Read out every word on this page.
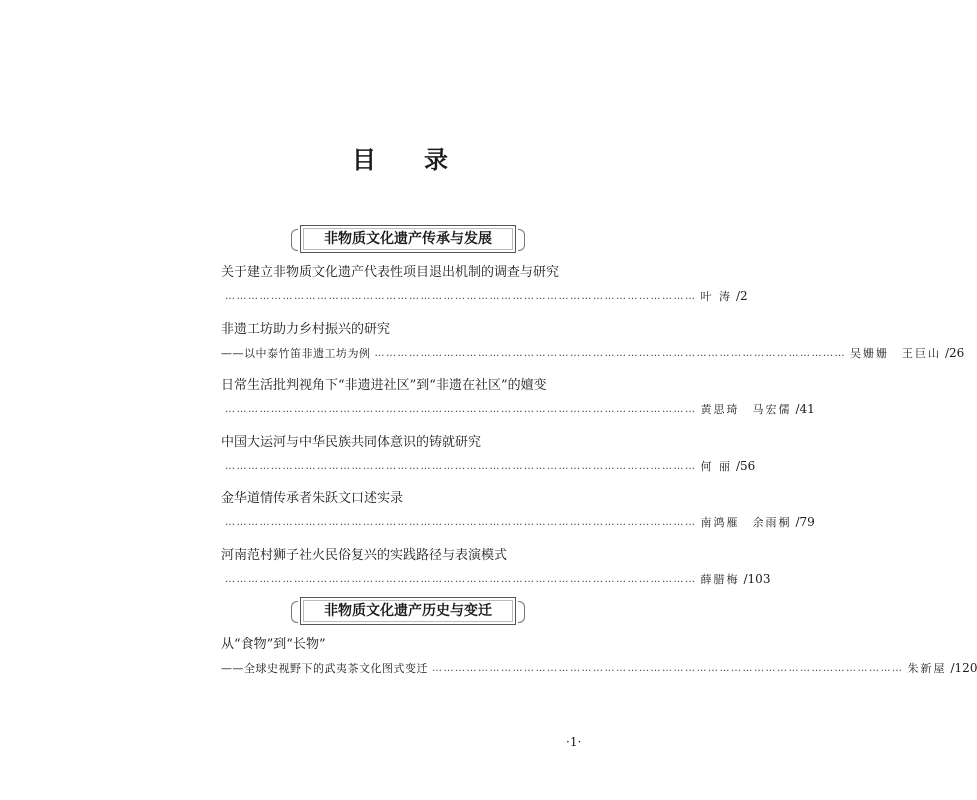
目 录
非物质文化遗产传承与发展
关于建立非物质文化遗产代表性项目退出机制的调查与研究
…………………………………………………………………………………………………………… 叶 涛 /2
非遗工坊助力乡村振兴的研究
——以中泰竹笛非遗工坊为例 …………………………………………………………………………………………………………… 吴姗姗　王巨山 /26
日常生活批判视角下“非遗进社区”到“非遗在社区”的嬗变
…………………………………………………………………………………………………………… 黄思琦　马宏儒 /41
中国大运河与中华民族共同体意识的铸就研究
…………………………………………………………………………………………………………… 何 丽 /56
金华道情传承者朱跃文口述实录
…………………………………………………………………………………………………………… 南鸿雁　余雨桐 /79
河南范村狮子社火民俗复兴的实践路径与表演模式
…………………………………………………………………………………………………………… 薛腊梅 /103
非物质文化遗产历史与变迁
从“食物”到“长物”
——全球史视野下的武夷茶文化图式变迁 …………………………………………………………………………………………………………… 朱新屋 /120
·1·
